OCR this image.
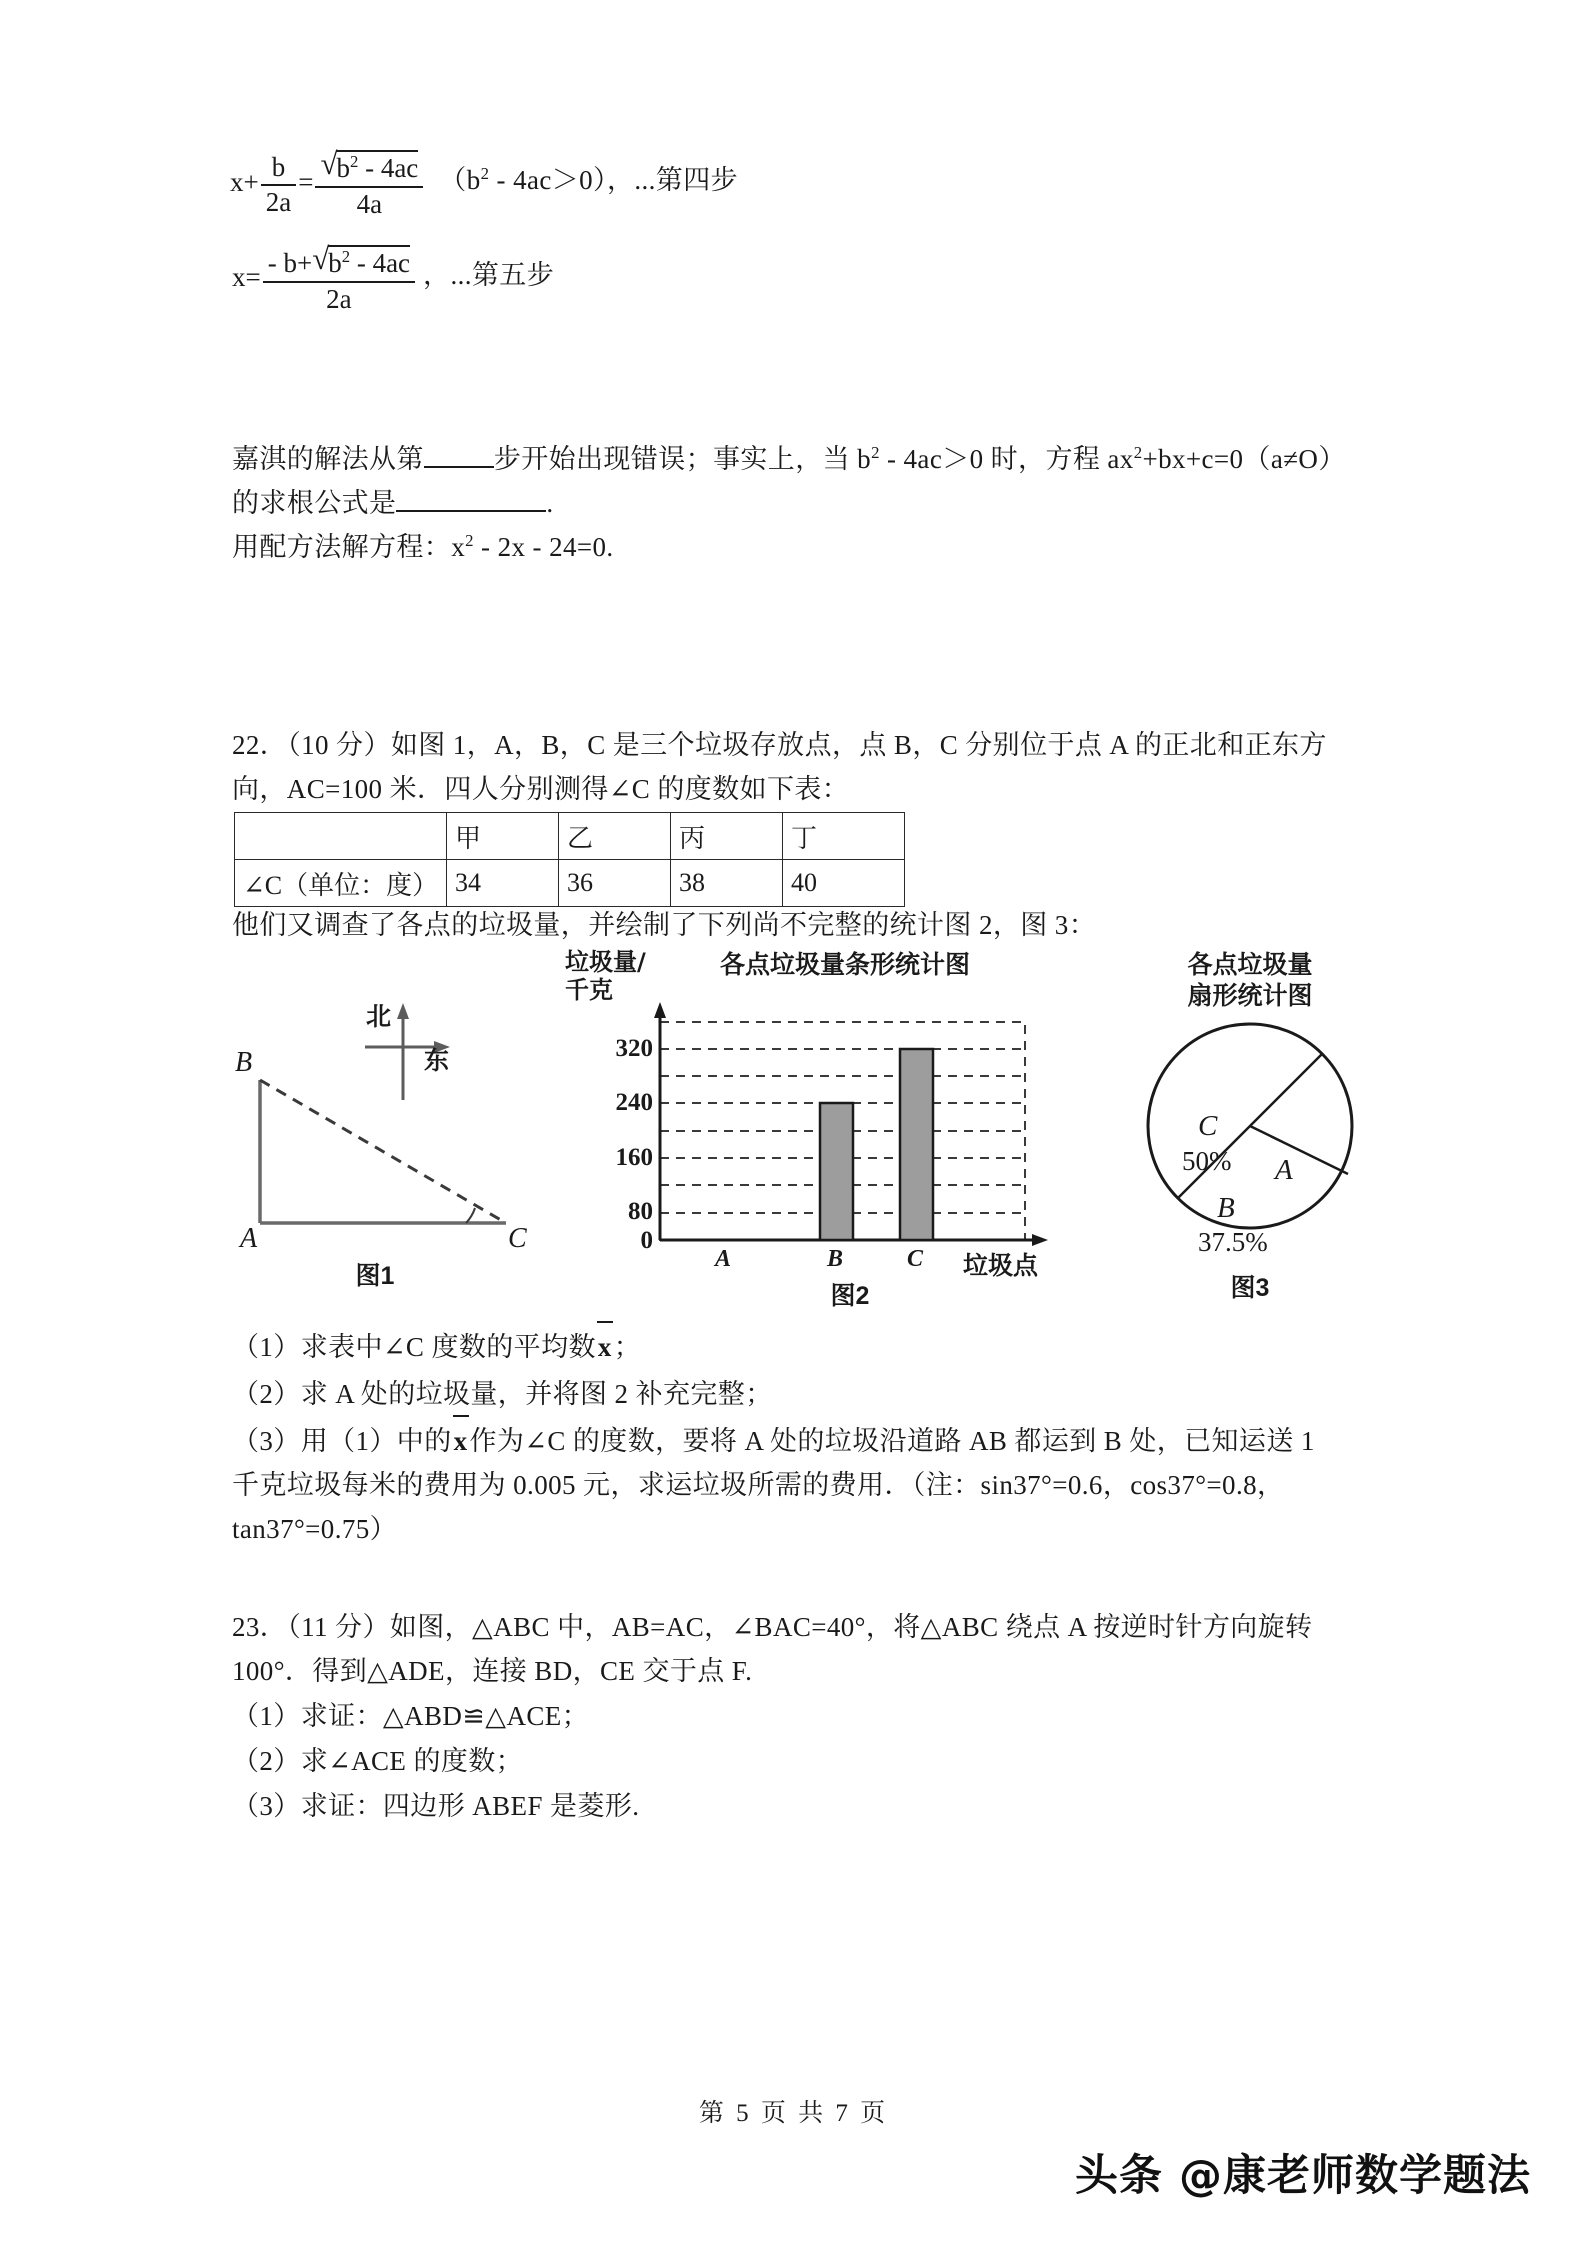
$x+ \frac{b}{2a}$ = √ $\frac{b^2 - 4ac}{4a} (b^2 - 4ac>0)$，...第四步
$x= \frac{- b+ √ b^2 - 4ac}{2a}$ ，...第五步
嘉淇的解法从第	步开始出现错误；事实上，当 $b^2 - 4ac>0$ 时，方程 $ax^2+bx+c=0(a\ne O)$
的求根公式是	.
用配方法解方程：$x^2 - 2x - 24=0$.
22．（10 分）如图 1，A，B，C 是三个垃圾存放点，点 B，C 分别位于点 A 的正北和正东方
向，AC=100 米．四人分别测得∠C 的度数如下表：
	甲	乙	丙	丁
∠C（单位：度）	34	36	38	40
他们又调查了各点的垃圾量，并绘制了下列尚不完整的统计图 2，图 3：
北
东
B
A	C
图1
各点垃圾量条形统计图
垃圾量/
千克
320
240
160
80
0
A	B	C 垃圾点
图2
各点垃圾量
扇形统计图
C
50% A
B
37.5%
图3
（1）求表中∠C 度数的平均数
x；
（2）求 A 处的垃圾量，并将图 2 补充完整；
（3）用（1）中的
x作为∠C 的度数，要将 A 处的垃圾沿道路 AB 都运到 B 处，已知运送 1
千克垃圾每米的费用为 0.005 元，求运垃圾所需的费用．（注：sin37°=0.6，cos37°=0.8，
tan37°=0.75）
23．（11 分）如图，△ABC 中，AB=AC，∠BAC=40°，将△ABC 绕点 A 按逆时针方向旋转
100°．得到△ADE，连接 BD，CE 交于点 F.
（1）求证：△ABD≌△ACE；
（2）求∠ACE 的度数；
（3）求证：四边形 ABEF 是菱形.
第 5 页 共 7 页
头条 @康老师数学题法
